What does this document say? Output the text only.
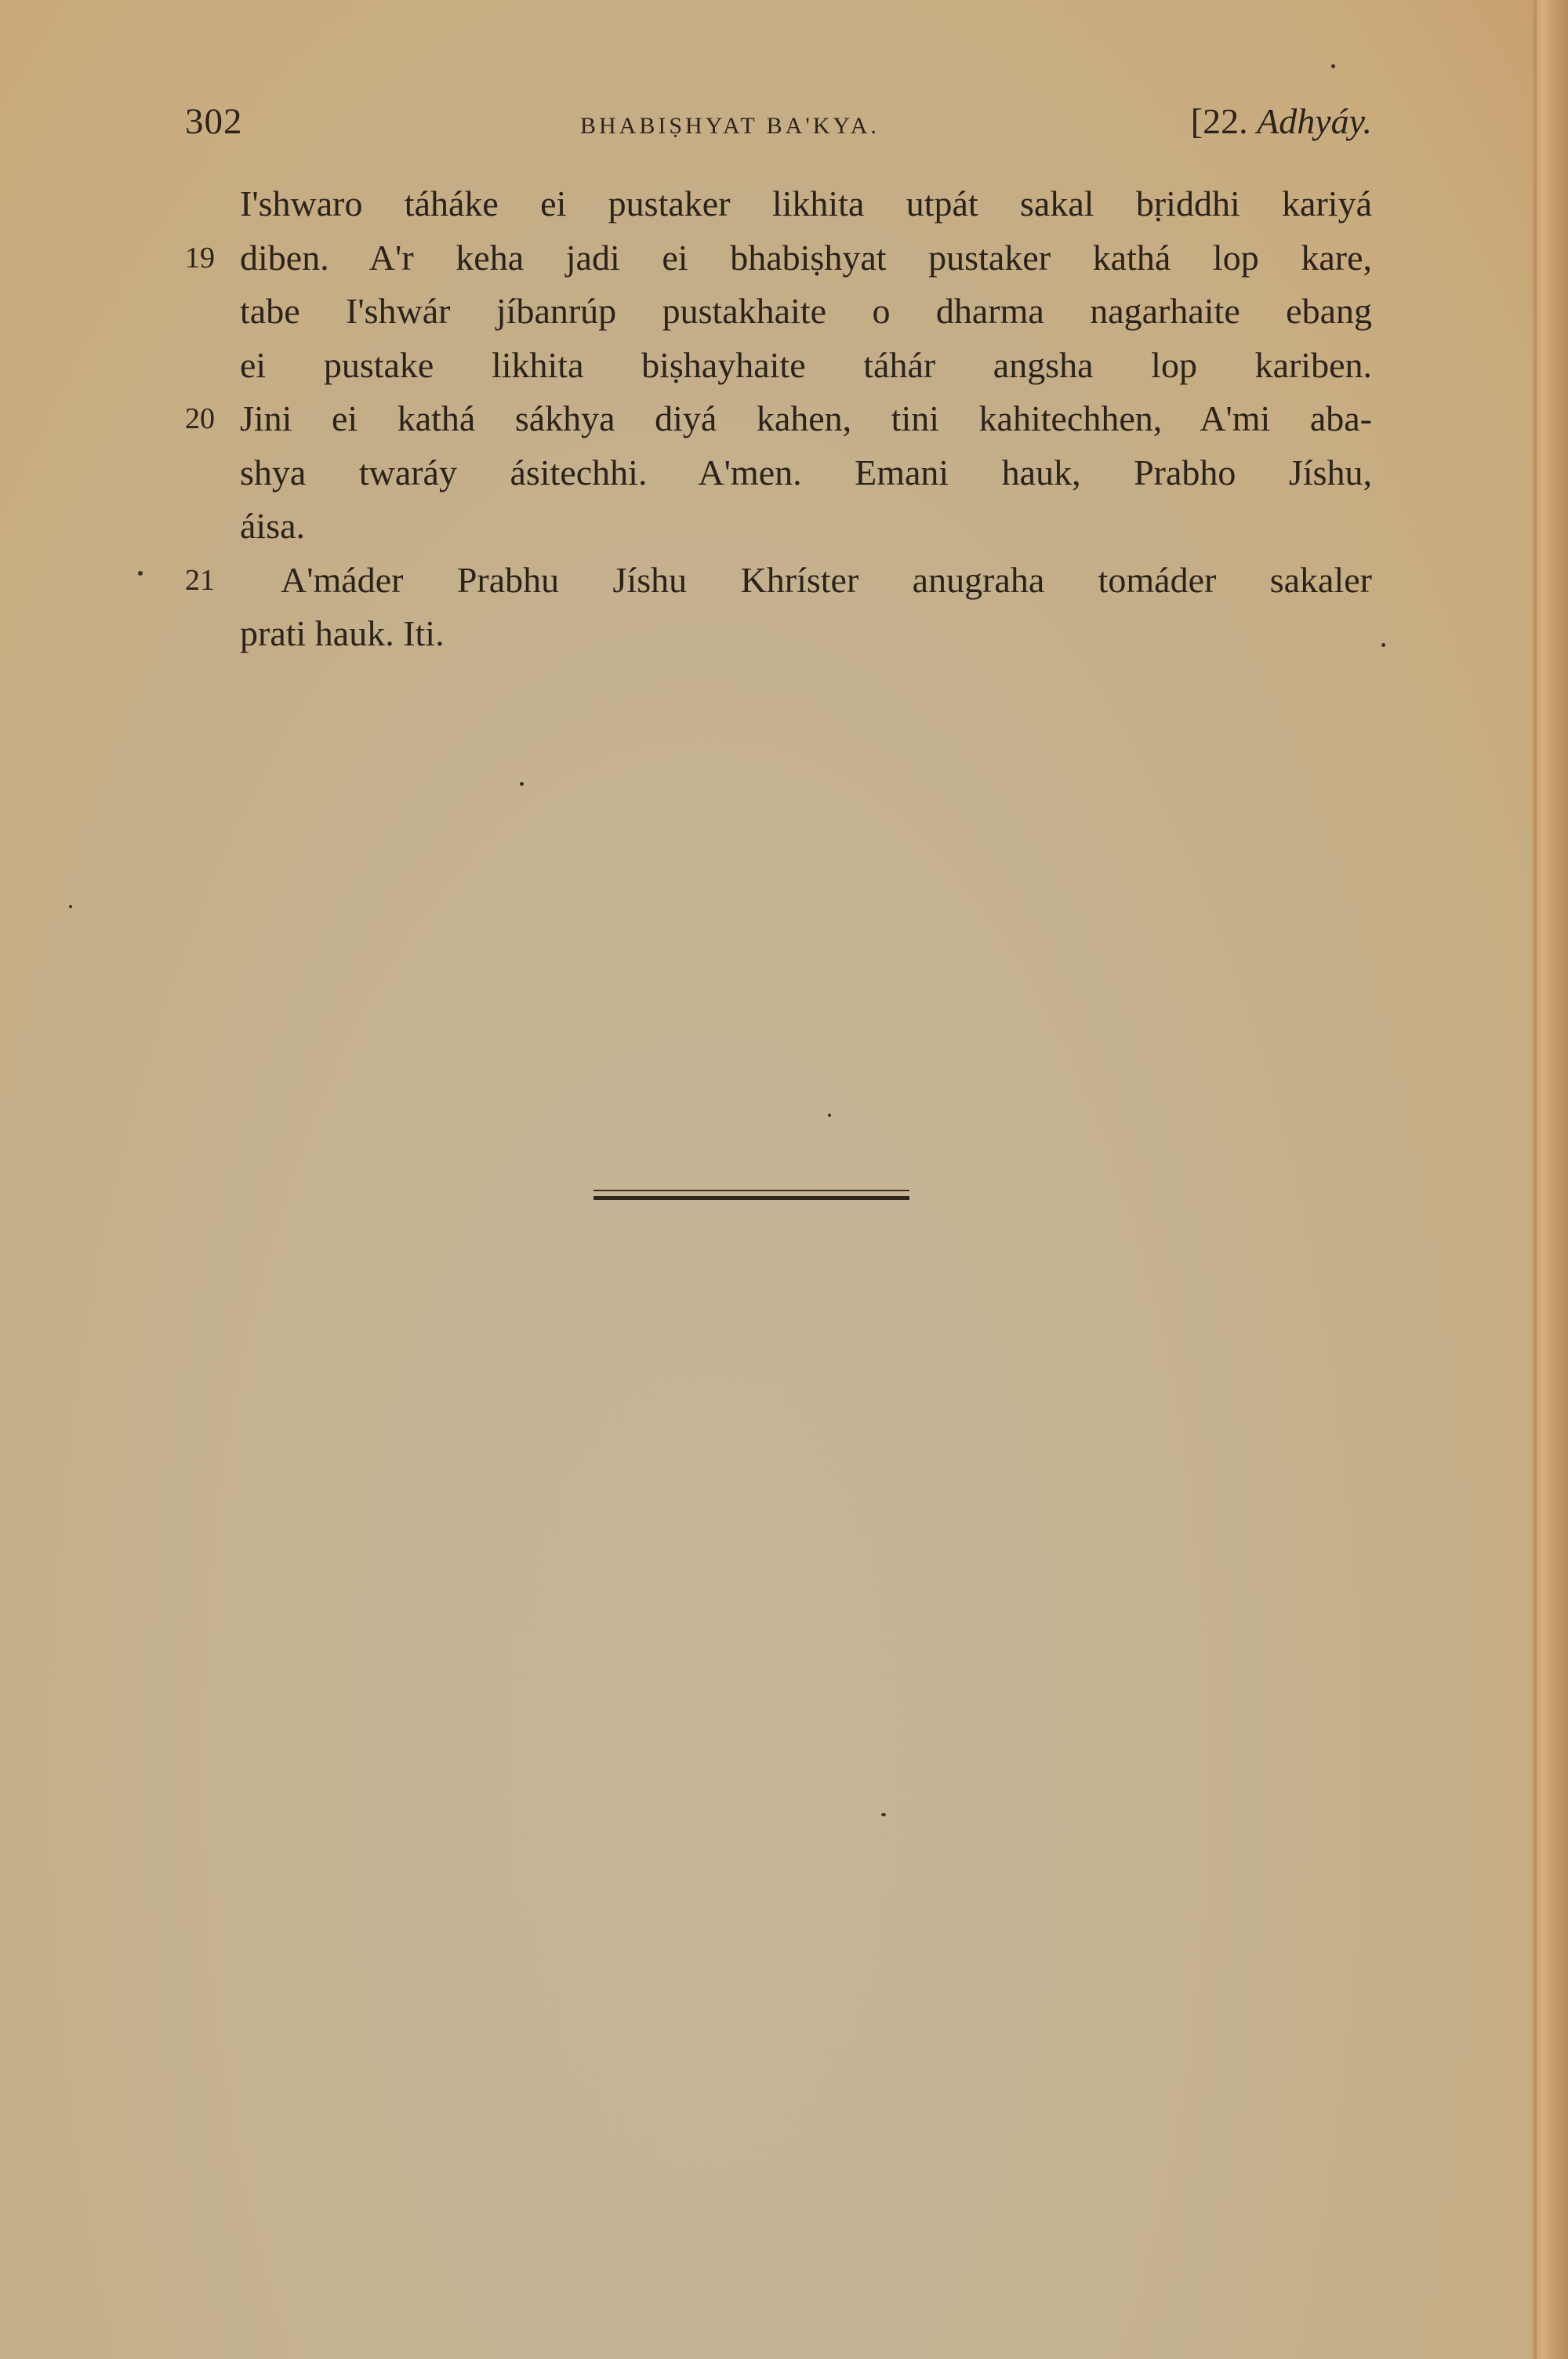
302	BHABIṢHYAT BA'KYA.	[22. Adhyáy.
I'shwaro táháke ei pustaker likhita utpát sakal bṛiddhi kariyá
19 diben. A'r keha jadi ei bhabiṣhyat pustaker kathá lop kare,
tabe I'shwár jíbanrúp pustakhaite o dharma nagarhaite ebang
ei pustake likhita biṣhayhaite táhár angsha lop kariben.
20 Jini ei kathá sákhya diyá kahen, tini kahitechhen, A'mi aba-
shya twaráy ásitechhi. A'men. Emani hauk, Prabho Jíshu,
áisa.
21	A'máder Prabhu Jíshu Khríster anugraha tomáder sakaler
prati hauk. Iti.
